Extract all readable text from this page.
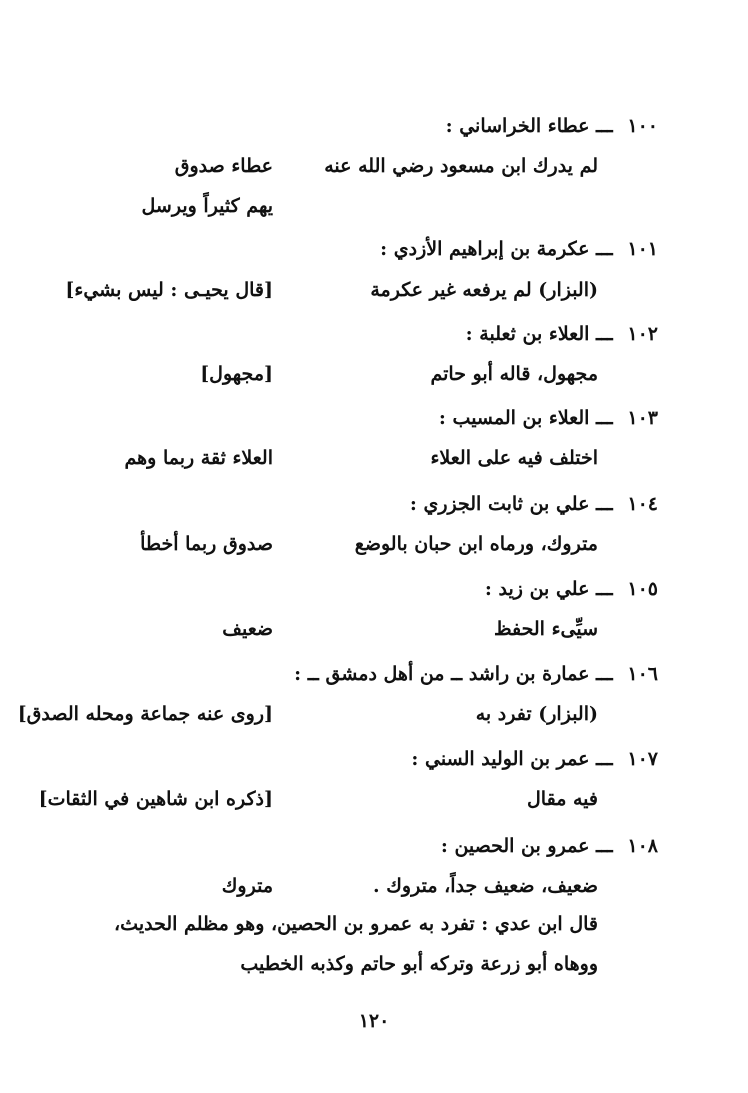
١٠٠ ـــ عطاء الخراساني :
لم يدرك ابن مسعود رضي الله عنه
عطاء صدوق
يهم كثيراً ويرسل
١٠١ ـــ عكرمة بن إبراهيم الأزدي :
(البزار) لم يرفعه غير عكرمة
[قال يحيـى : ليس بشيء]
١٠٢ ـــ العلاء بن ثعلبة :
مجهول، قاله أبو حاتم
[مجهول]
١٠٣ ـــ العلاء بن المسيب :
اختلف فيه على العلاء
العلاء ثقة ربما وهم
١٠٤ ـــ علي بن ثابت الجزري :
متروك، ورماه ابن حبان بالوضع
صدوق ربما أخطأ
١٠٥ ـــ علي بن زيد :
سيِّىء الحفظ
ضعيف
١٠٦ ـــ عمارة بن راشد ــ من أهل دمشق ــ :
(البزار) تفرد به
[روى عنه جماعة ومحله الصدق]
١٠٧ ـــ عمر بن الوليد السني :
فيه مقال
[ذكره ابن شاهين في الثقات]
١٠٨ ـــ عمرو بن الحصين :
ضعيف، ضعيف جداً، متروك .
متروك
قال ابن عدي : تفرد به عمرو بن الحصين، وهو مظلم الحديث،
ووهاه أبو زرعة وتركه أبو حاتم وكذبه الخطيب
١٢٠
